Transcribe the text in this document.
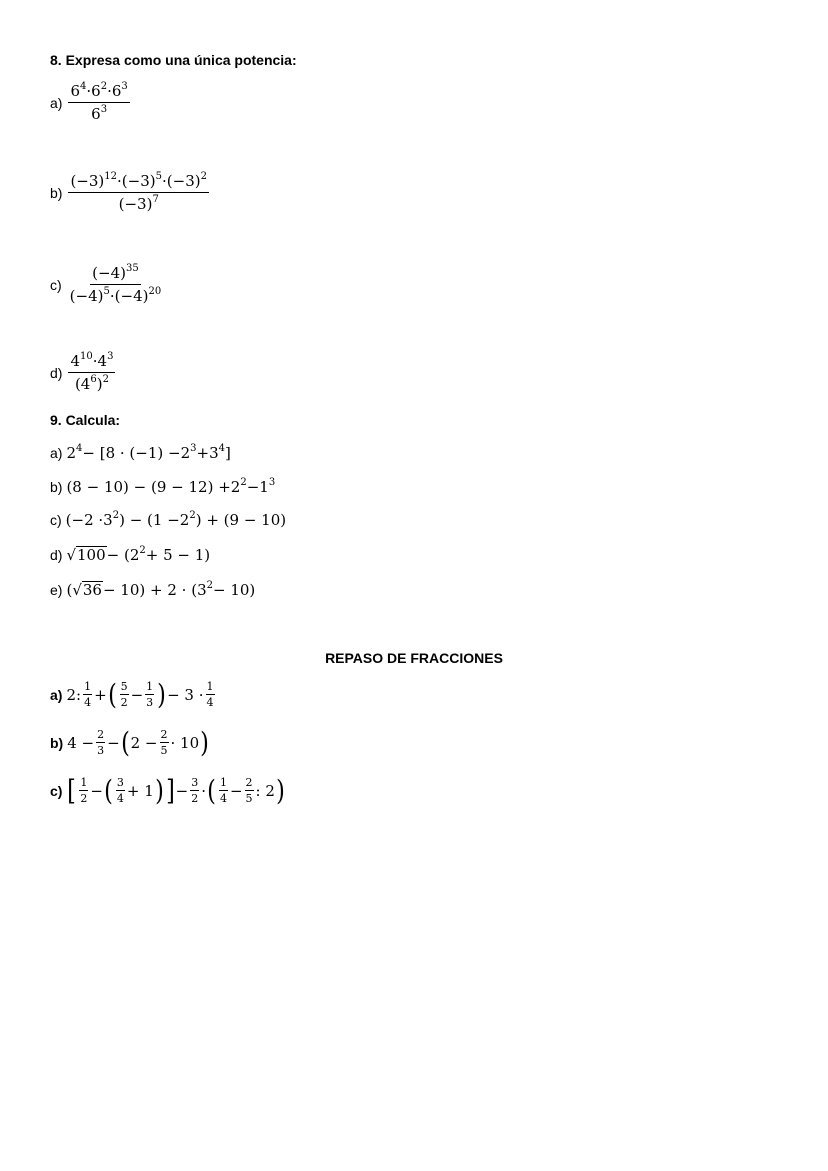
8. Expresa como una única potencia:
$a) \frac{6^4 \cdot 6^2 \cdot 6^3}{6^3}$
$b) \frac{(-3)^{12} \cdot (-3)^5 \cdot (-3)^2}{(-3)^7}$
$c) \frac{(-4)^{35}}{(-4)^5 \cdot (-4)^{20}}$
$d) \frac{4^{10} \cdot 4^3}{( 4^6 ) ^2}$
9. Calcula:
a) $2^4 - [8 \cdot (-1) - 2^3 + 3^4$ ]
b) $(8 - 10) - (9 - 12) + 2^2 - 1^3$
c) ($-2 \cdot 3^2$ ) − ($1 - 2^2$ ) + (9 − 10)
d) √ 100 − ( $2^2 + 5 - 1$)
e) ( √ 36 − 10) + 2 · ( $3^2 - 10$)
REPASO DE FRACCIONES
a) 2: $\frac{1}{4}$ + ( $\frac{5}{2} - \frac{1}{3}$ ) − $3 \cdot \frac{1}{4}$
b) $4 - \frac{2}{3}$ − ( $2 - \frac{2}{5} \cdot 10$ )
c) [ $\frac{1}{2}$ − ( $\frac{3}{4} + 1$ ) ] − $\frac{3}{2}$ · ( $\frac{1}{4} - \frac{2}{5}$ : 2 )
